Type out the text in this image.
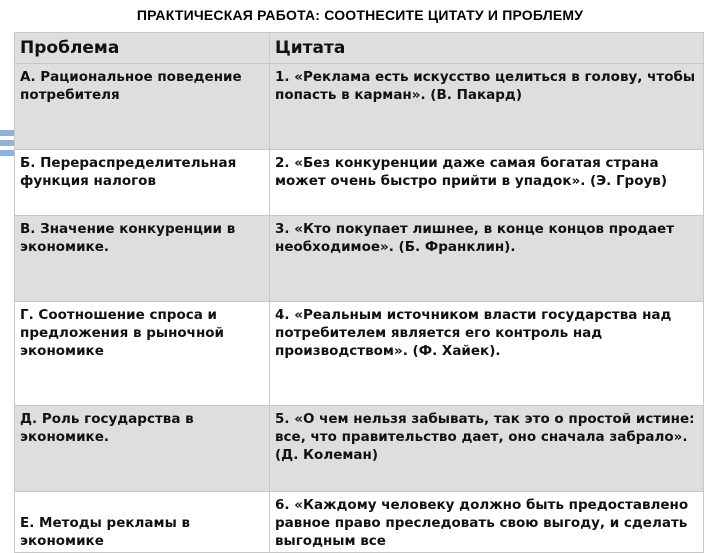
ПРАКТИЧЕСКАЯ РАБОТА: СООТНЕСИТЕ ЦИТАТУ И ПРОБЛЕМУ
Проблема	Цитата
А. Рациональное поведение потребителя	1. «Реклама есть искусство целиться в голову, чтобы попасть в карман». (В. Пакард)
Б. Перераспределительная функция налогов	2. «Без конкуренции даже самая богатая страна может очень быстро прийти в упадок». (Э. Гроув)
В. Значение конкуренции в экономике.	3. «Кто покупает лишнее, в конце концов продает необходимое». (Б. Франклин).
Г. Соотношение спроса и предложения в рыночной экономике	4. «Реальным источником власти государства над потребителем является его контроль над производством». (Ф. Хайек).
Д. Роль государства в экономике.	5. «О чем нельзя забывать, так это о простой истине: все, что правительство дает, оно сначала забрало». (Д. Колеман)
Е. Методы рекламы в экономике	6. «Каждому человеку должно быть предоставлено равное право преследовать свою выгоду, и сделать выгодным все
